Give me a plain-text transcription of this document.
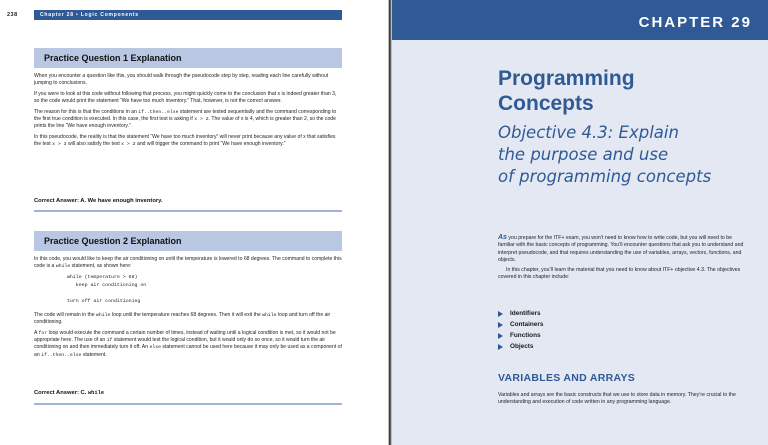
238	Chapter 28 • Logic Components
Practice Question 1 Explanation

When you encounter a question like this, you should walk through the pseudocode step by step, reading each line carefully without jumping to conclusions.

If you were to look at this code without following that process, you might quickly come to the conclusion that x is indeed greater than 3, so the code would print the statement “We have too much inventory.” That, however, is not the correct answer.

The reason for this is that the conditions in an if..then..else statement are tested sequentially and the command corresponding to the first true condition is executed. In this case, the first test is asking if x > 2. The value of x is 4, which is greater than 2, so the code prints the line “We have enough inventory.”

In this pseudocode, the reality is that the statement “We have too much inventory” will never print because any value of x that satisfies the test x > 3 will also satisfy the test x > 2 and will trigger the command to print “We have enough inventory.”

Correct Answer: A. We have enough inventory.
Practice Question 2 Explanation

In this code, you would like to keep the air conditioning on until the temperature is lowered to 68 degrees. The command to complete this code is a while statement, as shown here:

while (temperature > 68)
keep air conditioning on

turn off air conditioning

The code will remain in the while loop until the temperature reaches 68 degrees. Then it will exit the while loop and turn off the air conditioning.

A for loop would execute the command a certain number of times, instead of waiting until a logical condition is met, so it would not be appropriate here. The use of an if statement would test the logical condition, but it would only do so once, so it would turn the air conditioning on and then immediately turn it off. An else statement cannot be used here because it may only be used as a component of an if..then..else statement.

Correct Answer: C. while
CHAPTER 29
Programming
Concepts
Objective 4.3: Explain
the purpose and use
of programming concepts

As you prepare for the ITF+ exam, you won’t need to know how to write code, but you will need to be familiar with the basic concepts of programming. You’ll encounter questions that ask you to understand and interpret pseudocode, and that requires understanding the use of variables, arrays, vectors, functions, and objects.

In this chapter, you’ll learn the material that you need to know about ITF+ objective 4.3. The objectives covered in this chapter include:

Identifiers
Containers
Functions
Objects
VARIABLES AND ARRAYS
Variables and arrays are the basic constructs that we use to store data in memory. They’re crucial to the understanding and execution of code written in any programming language.
